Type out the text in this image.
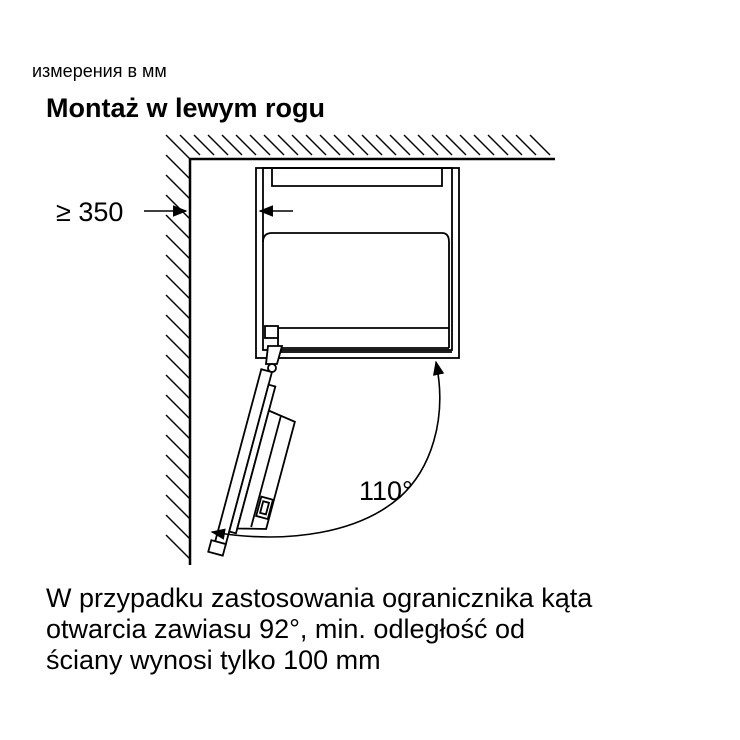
измерения в мм
Montaż w lewym rogu
≥ 350
110°
W przypadku zastosowania ogranicznika kąta
otwarcia zawiasu 92°, min. odległość od
ściany wynosi tylko 100 mm
